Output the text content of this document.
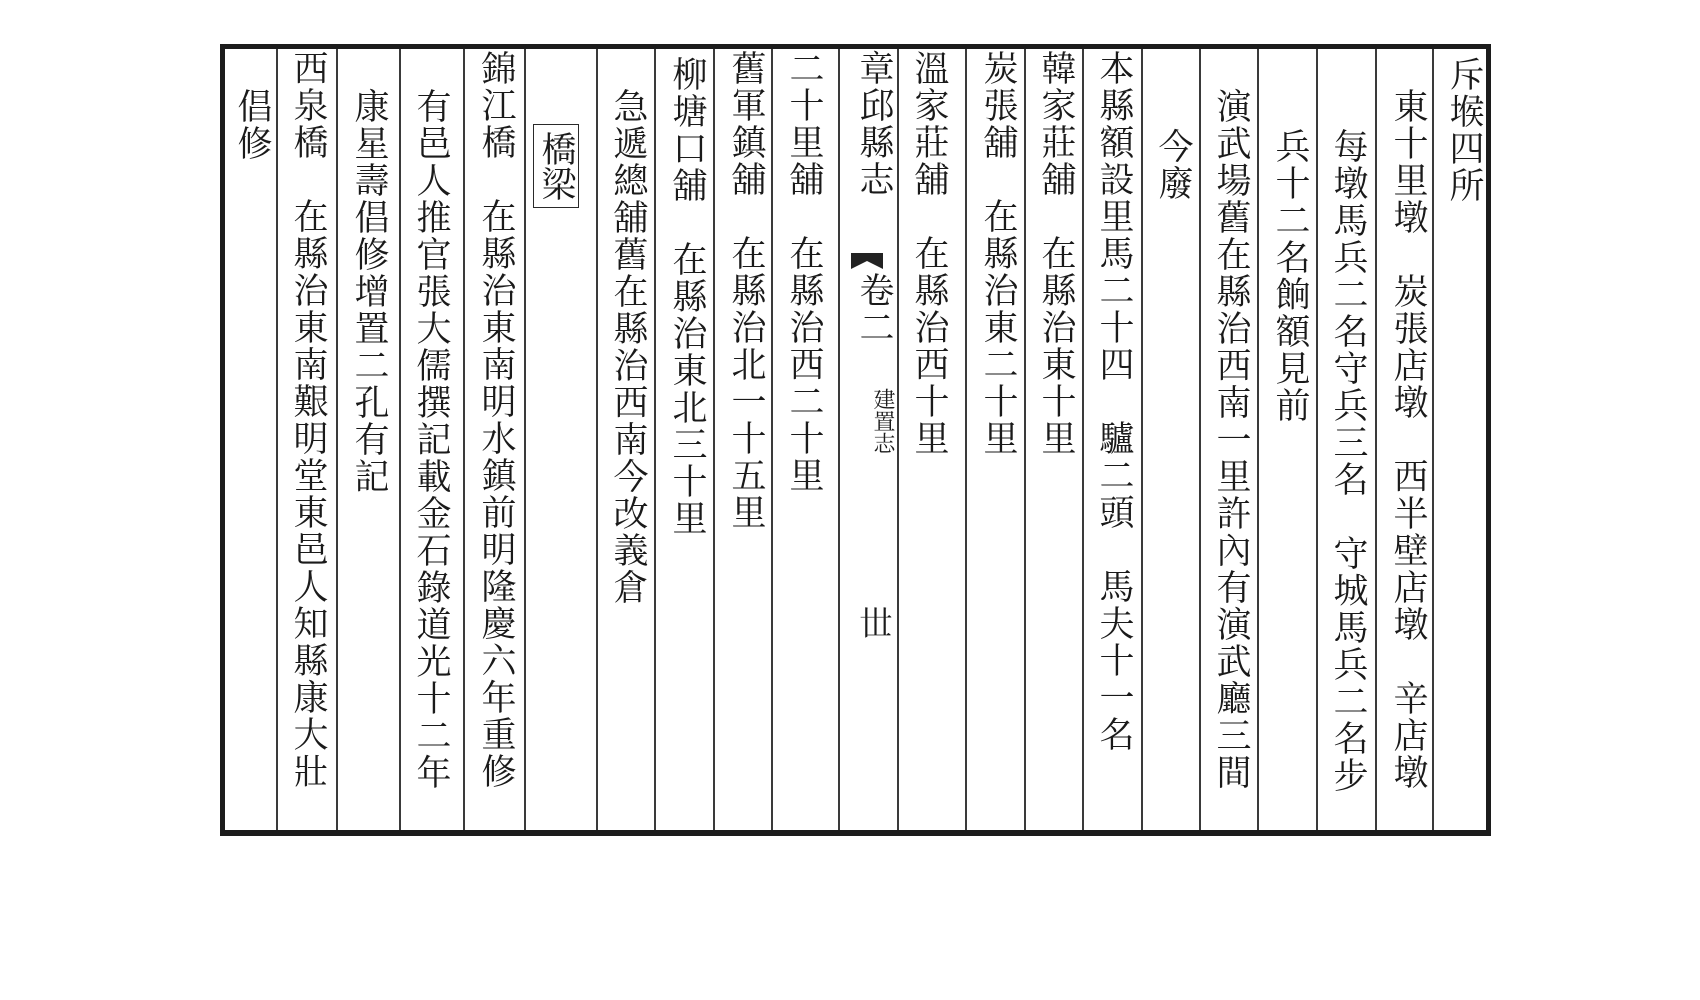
斥堠四所
東十里墩　炭張店墩　西半壁店墩　辛店墩
每墩馬兵二名守兵三名　守城馬兵二名步
兵十二名餉額見前
演武場舊在縣治西南一里許內有演武廳三間
今廢
本縣額設里馬二十四　驢二頭　馬夫十一名
韓家莊舖　在縣治東十里
炭張舖　在縣治東二十里
溫家莊舖　在縣治西十里
章邱縣志
卷二
建置志
𠀍
二十里舖　在縣治西二十里
舊軍鎮舖　在縣治北一十五里
柳塘口舖　在縣治東北三十里
急遞總舖舊在縣治西南今改義倉
橋梁
錦江橋　在縣治東南明水鎮前明隆慶六年重修
有邑人推官張大儒撰記載金石錄道光十二年
康星壽倡修增置二孔有記
西泉橋　在縣治東南艱明堂東邑人知縣康大壯
倡修
